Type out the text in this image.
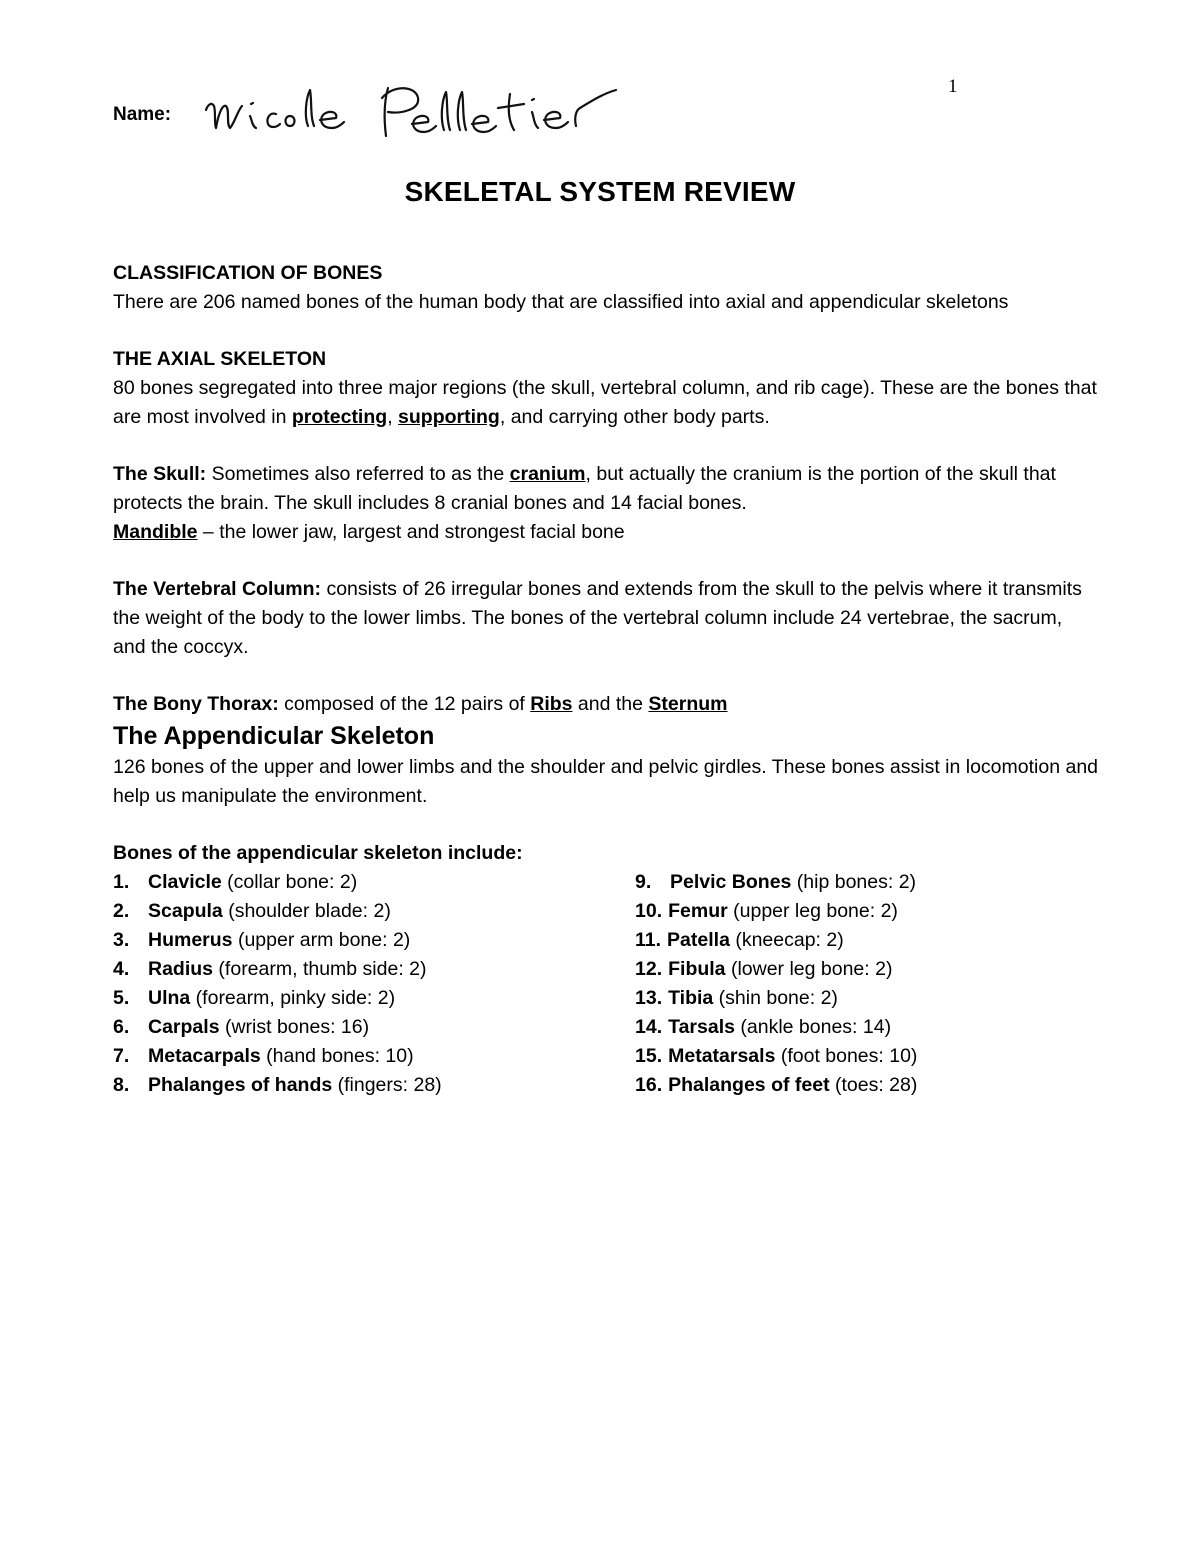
1
Name:
SKELETAL SYSTEM REVIEW

CLASSIFICATION OF BONES

There are 206 named bones of the human body that are classified into axial and appendicular skeletons

THE AXIAL SKELETON

80 bones segregated into three major regions (the skull, vertebral column, and rib cage). These are the bones that are most involved in protecting, supporting, and carrying other body parts.

The Skull: Sometimes also referred to as the cranium, but actually the cranium is the portion of the skull that protects the brain. The skull includes 8 cranial bones and 14 facial bones.

Mandible – the lower jaw, largest and strongest facial bone

The Vertebral Column: consists of 26 irregular bones and extends from the skull to the pelvis where it transmits the weight of the body to the lower limbs. The bones of the vertebral column include 24 vertebrae, the sacrum, and the coccyx.

The Bony Thorax: composed of the 12 pairs of Ribs and the Sternum

The Appendicular Skeleton

126 bones of the upper and lower limbs and the shoulder and pelvic girdles. These bones assist in locomotion and help us manipulate the environment.

Bones of the appendicular skeleton include:

1. Clavicle (collar bone: 2)
2. Scapula (shoulder blade: 2)
3. Humerus (upper arm bone: 2)
4. Radius (forearm, thumb side: 2)
5. Ulna (forearm, pinky side: 2)
6. Carpals (wrist bones: 16)
7. Metacarpals (hand bones: 10)
8. Phalanges of hands (fingers: 28)
9. Pelvic Bones (hip bones: 2)
10. Femur (upper leg bone: 2)
11. Patella (kneecap: 2)
12. Fibula (lower leg bone: 2)
13. Tibia (shin bone: 2)
14. Tarsals (ankle bones: 14)
15. Metatarsals (foot bones: 10)
16. Phalanges of feet (toes: 28)
